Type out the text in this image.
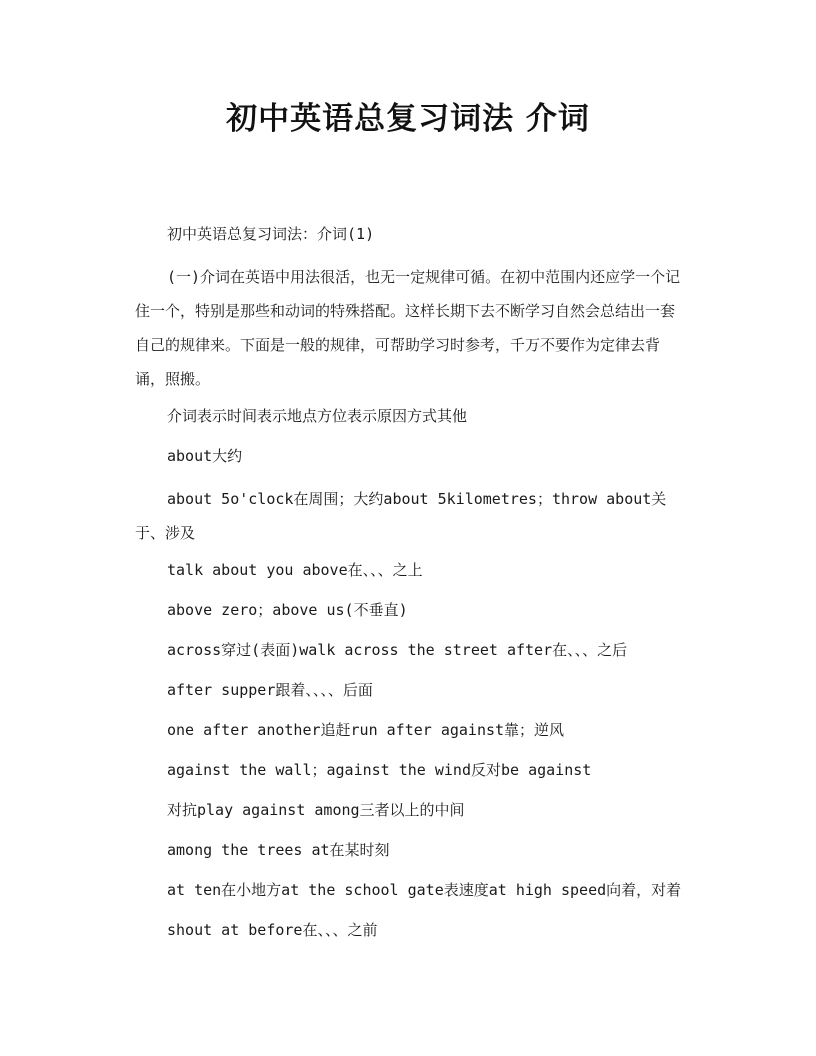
初中英语总复习词法 介词

初中英语总复习词法：介词(1)

(一)介词在英语中用法很活，也无一定规律可循。在初中范围内还应学一个记住一个，特别是那些和动词的特殊搭配。这样长期下去不断学习自然会总结出一套自己的规律来。下面是一般的规律，可帮助学习时参考，千万不要作为定律去背诵，照搬。

介词表示时间表示地点方位表示原因方式其他

about大约

about 5o'clock在周围；大约about 5kilometres；throw about关于、涉及

talk about you above在、、、之上

above zero；above us(不垂直)

across穿过(表面)walk across the street after在、、、之后

after supper跟着、、、、后面

one after another追赶run after against靠；逆风

against the wall；against the wind反对be against

对抗play against among三者以上的中间

among the trees at在某时刻

at ten在小地方at the school gate表速度at high speed向着，对着

shout at before在、、、之前
